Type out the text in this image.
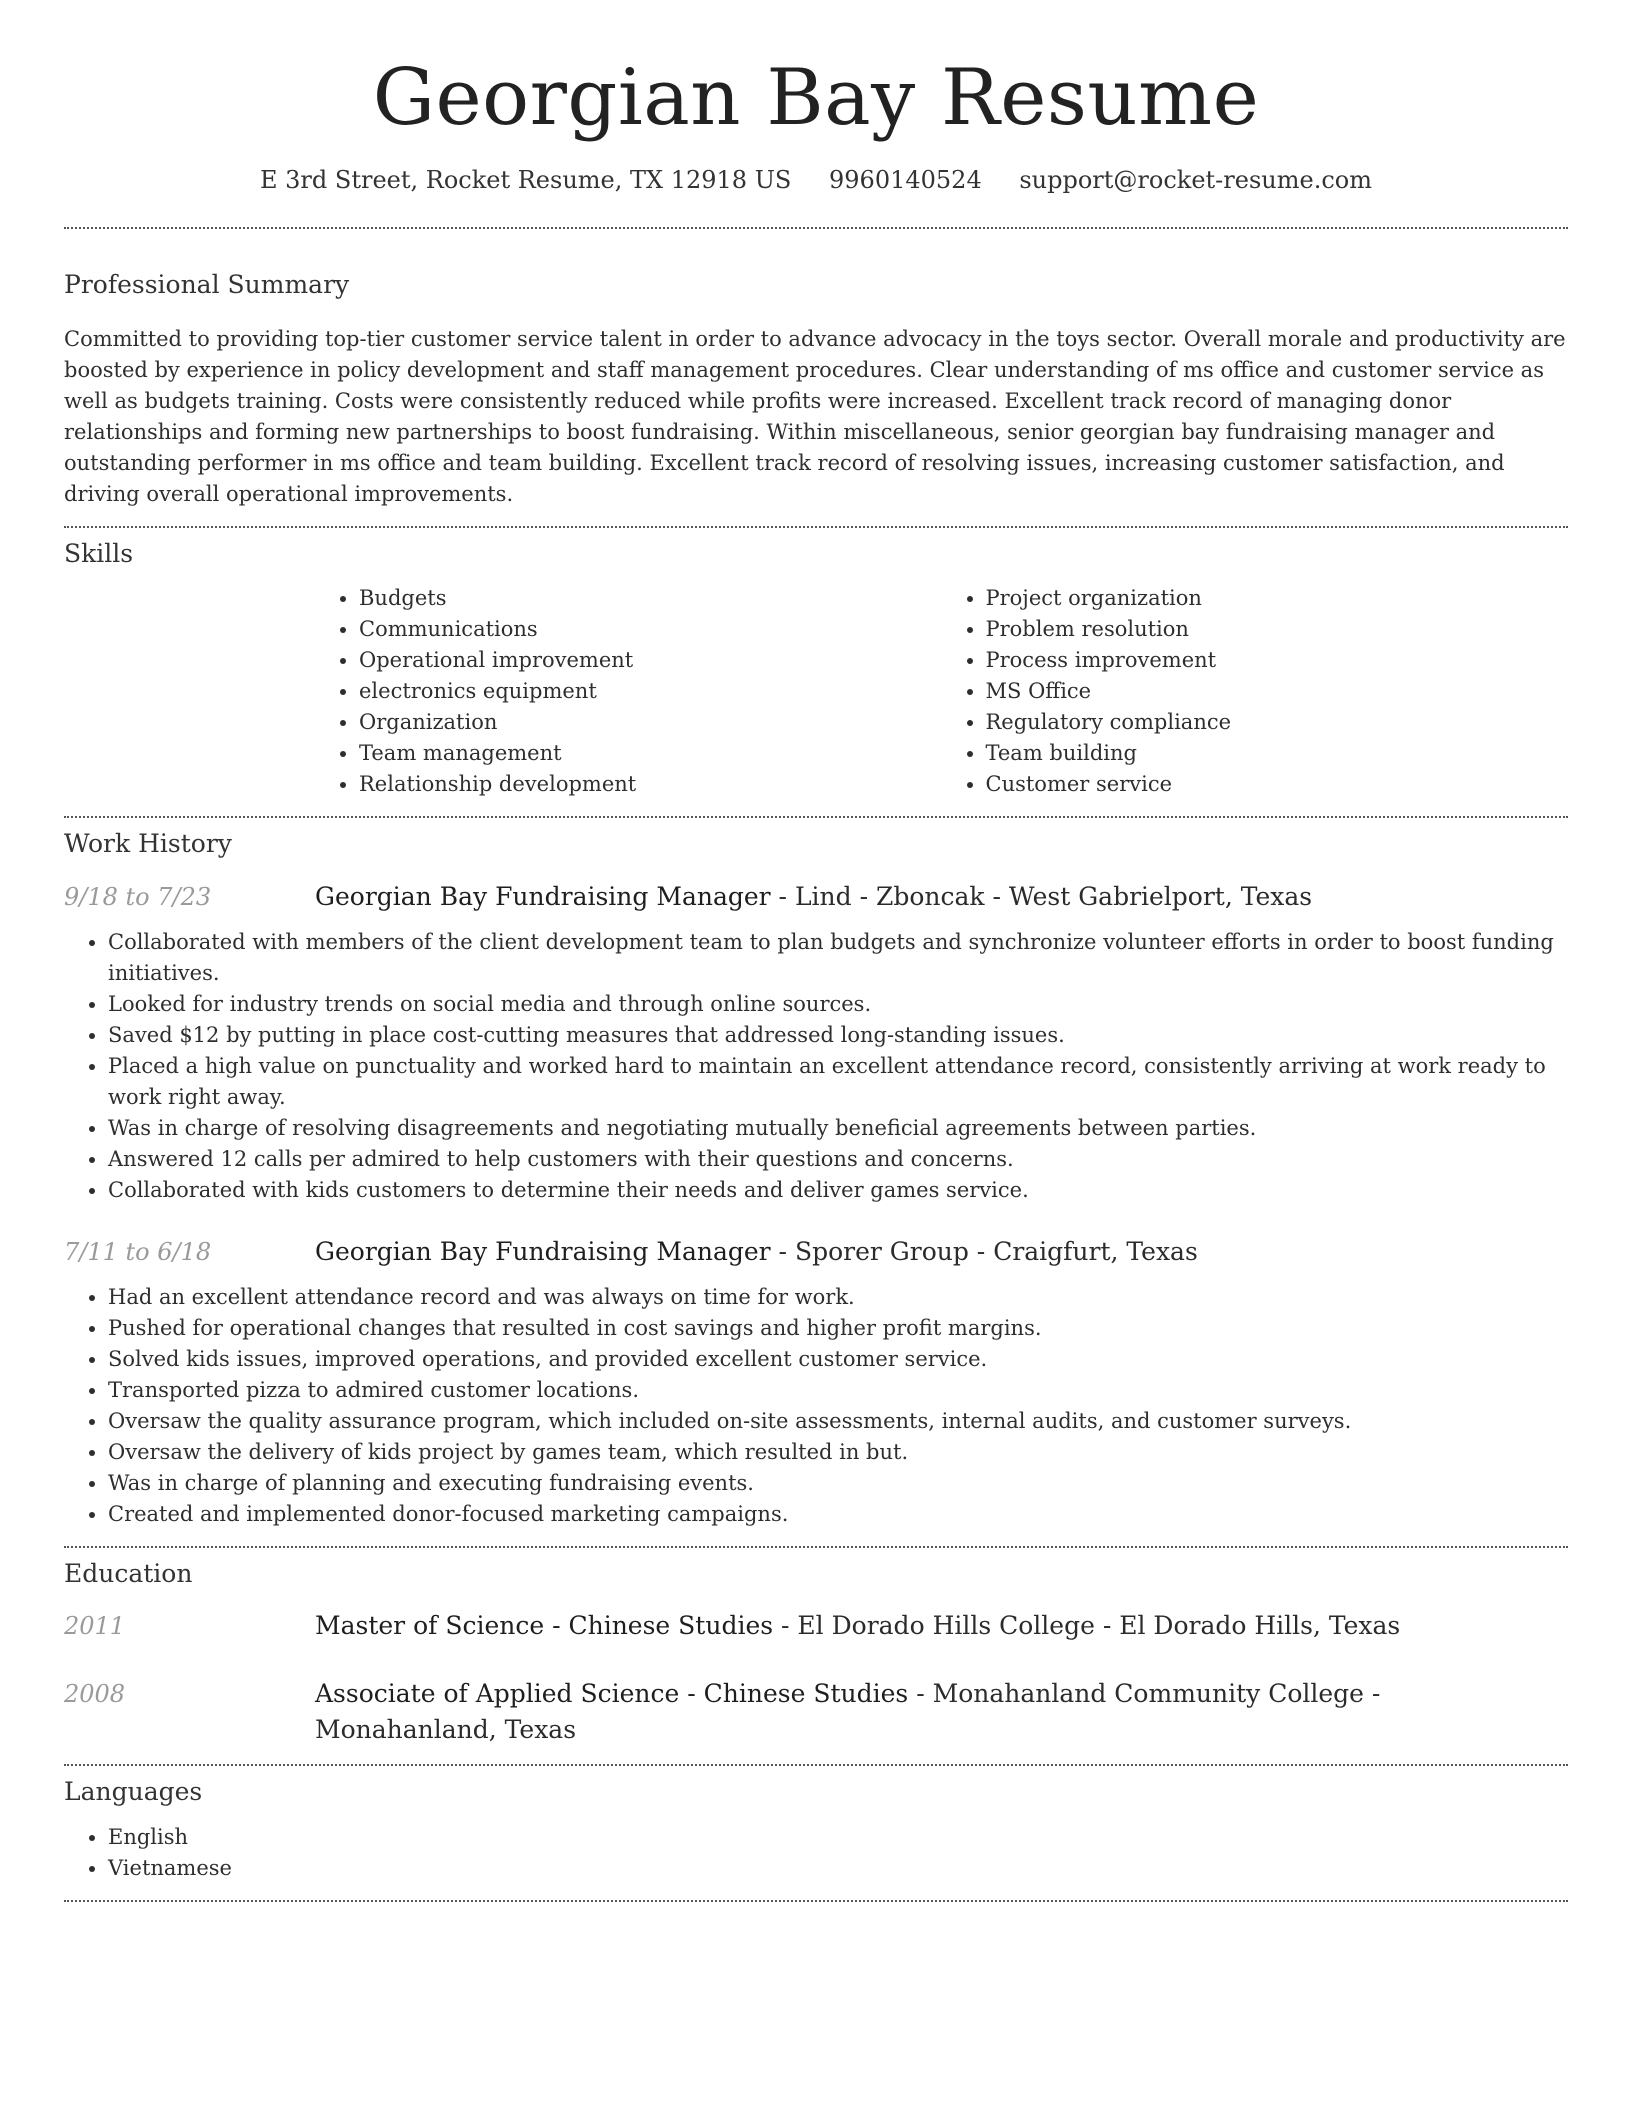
Georgian Bay Resume
E 3rd Street, Rocket Resume, TX 12918 US 9960140524 support@rocket-resume.com
Professional Summary

Committed to providing top-tier customer service talent in order to advance advocacy in the toys sector. Overall morale and productivity are boosted by experience in policy development and staff management procedures. Clear understanding of ms office and customer service as well as budgets training. Costs were consistently reduced while profits were increased. Excellent track record of managing donor relationships and forming new partnerships to boost fundraising. Within miscellaneous, senior georgian bay fundraising manager and outstanding performer in ms office and team building. Excellent track record of resolving issues, increasing customer satisfaction, and driving overall operational improvements.

Skills
• Budgets
• Communications
• Operational improvement
• electronics equipment
• Organization
• Team management
• Relationship development
• Project organization
• Problem resolution
• Process improvement
• MS Office
• Regulatory compliance
• Team building
• Customer service
Work History
9/18 to 7/23	Georgian Bay Fundraising Manager - Lind - Zboncak - West Gabrielport, Texas
• Collaborated with members of the client development team to plan budgets and synchronize volunteer efforts in order to boost funding initiatives.
• Looked for industry trends on social media and through online sources.
• Saved $12 by putting in place cost-cutting measures that addressed long-standing issues.
• Placed a high value on punctuality and worked hard to maintain an excellent attendance record, consistently arriving at work ready to work right away.
• Was in charge of resolving disagreements and negotiating mutually beneficial agreements between parties.
• Answered 12 calls per admired to help customers with their questions and concerns.
• Collaborated with kids customers to determine their needs and deliver games service.
7/11 to 6/18	Georgian Bay Fundraising Manager - Sporer Group - Craigfurt, Texas
• Had an excellent attendance record and was always on time for work.
• Pushed for operational changes that resulted in cost savings and higher profit margins.
• Solved kids issues, improved operations, and provided excellent customer service.
• Transported pizza to admired customer locations.
• Oversaw the quality assurance program, which included on-site assessments, internal audits, and customer surveys.
• Oversaw the delivery of kids project by games team, which resulted in but.
• Was in charge of planning and executing fundraising events.
• Created and implemented donor-focused marketing campaigns.
Education
2011	Master of Science - Chinese Studies - El Dorado Hills College - El Dorado Hills, Texas
2008	Associate of Applied Science - Chinese Studies - Monahanland Community College - Monahanland, Texas
Languages
• English
• Vietnamese
